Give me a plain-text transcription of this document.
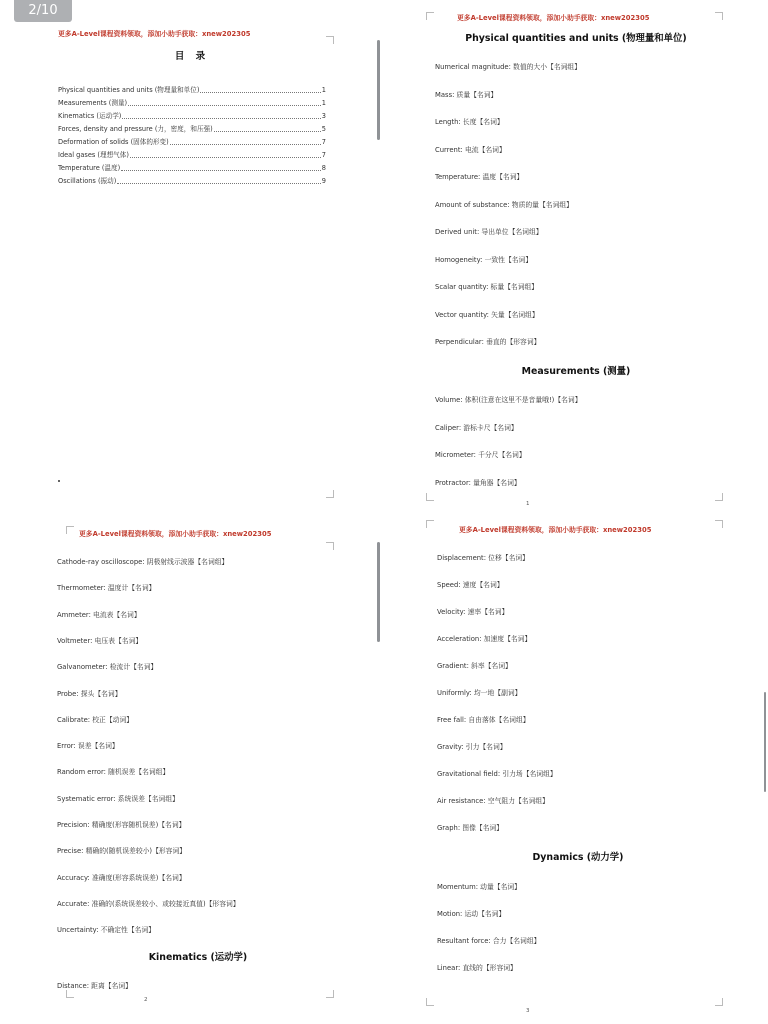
2/10
更多A-Level课程资料领取，添加小助手获取：xnew202305
目 录
Physical quantities and units (物理量和单位)	1
Measurements (测量)	1
Kinematics (运动学)	3
Forces, density and pressure (力，密度，和压强)	5
Deformation of solids (固体的形变)	7
Ideal gases (理想气体)	7
Temperature (温度)	8
Oscillations (振动)	9
更多A-Level课程资料领取，添加小助手获取：xnew202305
Physical quantities and units (物理量和单位)
Numerical magnitude: 数值的大小【名词组】
Mass: 质量【名词】
Length: 长度【名词】
Current: 电流【名词】
Temperature: 温度【名词】
Amount of substance: 物质的量【名词组】
Derived unit: 导出单位【名词组】
Homogeneity: 一致性【名词】
Scalar quantity: 标量【名词组】
Vector quantity: 矢量【名词组】
Perpendicular: 垂直的【形容词】
Measurements (测量)
Volume: 体积(注意在这里不是音量哦!)【名词】
Caliper: 游标卡尺【名词】
Micrometer: 千分尺【名词】
Protractor: 量角器【名词】
1
更多A-Level课程资料领取，添加小助手获取：xnew202305
Distance: 距离【名词】
Cathode-ray oscilloscope: 阴极射线示波器【名词组】
Thermometer: 温度计【名词】
Ammeter: 电流表【名词】
Voltmeter: 电压表【名词】
Galvanometer: 检流计【名词】
Probe: 探头【名词】
Calibrate: 校正【动词】
Error: 误差【名词】
Random error: 随机误差【名词组】
Systematic error: 系统误差【名词组】
Precision: 精确度(形容随机误差)【名词】
Precise: 精确的(随机误差较小)【形容词】
Accuracy: 准确度(形容系统误差)【名词】
Accurate: 准确的(系统误差较小、或较接近真值)【形容词】
Uncertainty: 不确定性【名词】
Kinematics (运动学)
2
更多A-Level课程资料领取，添加小助手获取：xnew202305
Displacement: 位移【名词】
Speed: 速度【名词】
Velocity: 速率【名词】
Acceleration: 加速度【名词】
Gradient: 斜率【名词】
Uniformly: 均一地【副词】
Free fall: 自由落体【名词组】
Gravity: 引力【名词】
Gravitational field: 引力场【名词组】
Air resistance: 空气阻力【名词组】
Graph: 图像【名词】
Dynamics (动力学)
Momentum: 动量【名词】
Motion: 运动【名词】
Resultant force: 合力【名词组】
Linear: 直线的【形容词】
3
